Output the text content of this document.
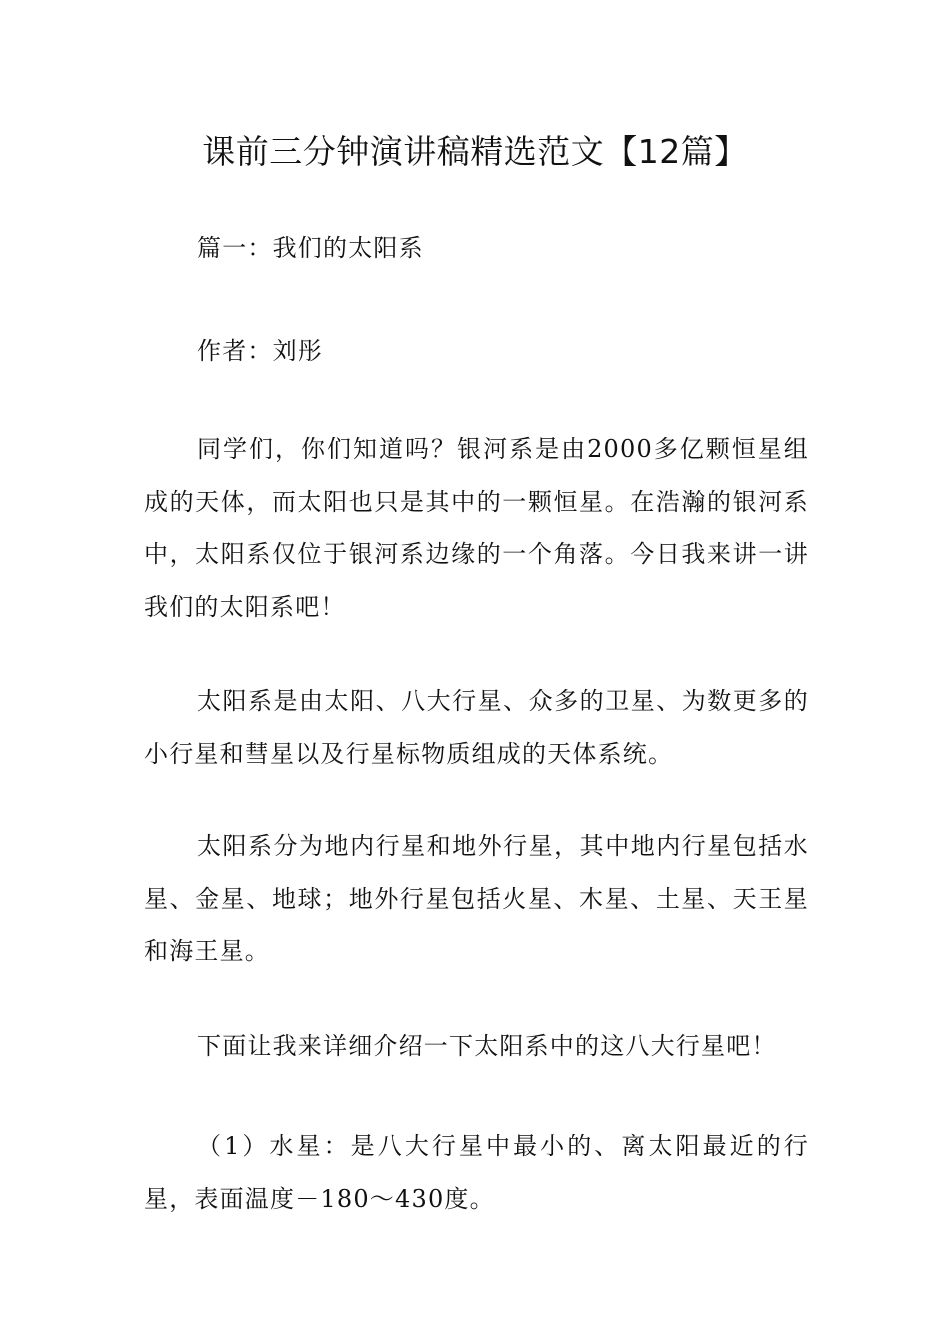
课前三分钟演讲稿精选范文【12篇】

篇一：我们的太阳系

作者：刘彤

同学们，你们知道吗？银河系是由2000多亿颗恒星组成的天体，而太阳也只是其中的一颗恒星。在浩瀚的银河系中，太阳系仅位于银河系边缘的一个角落。今日我来讲一讲我们的太阳系吧！

太阳系是由太阳、八大行星、众多的卫星、为数更多的小行星和彗星以及行星标物质组成的天体系统。

太阳系分为地内行星和地外行星，其中地内行星包括水星、金星、地球；地外行星包括火星、木星、土星、天王星和海王星。

下面让我来详细介绍一下太阳系中的这八大行星吧！

（1）水星：是八大行星中最小的、离太阳最近的行星，表面温度－180～430度。
